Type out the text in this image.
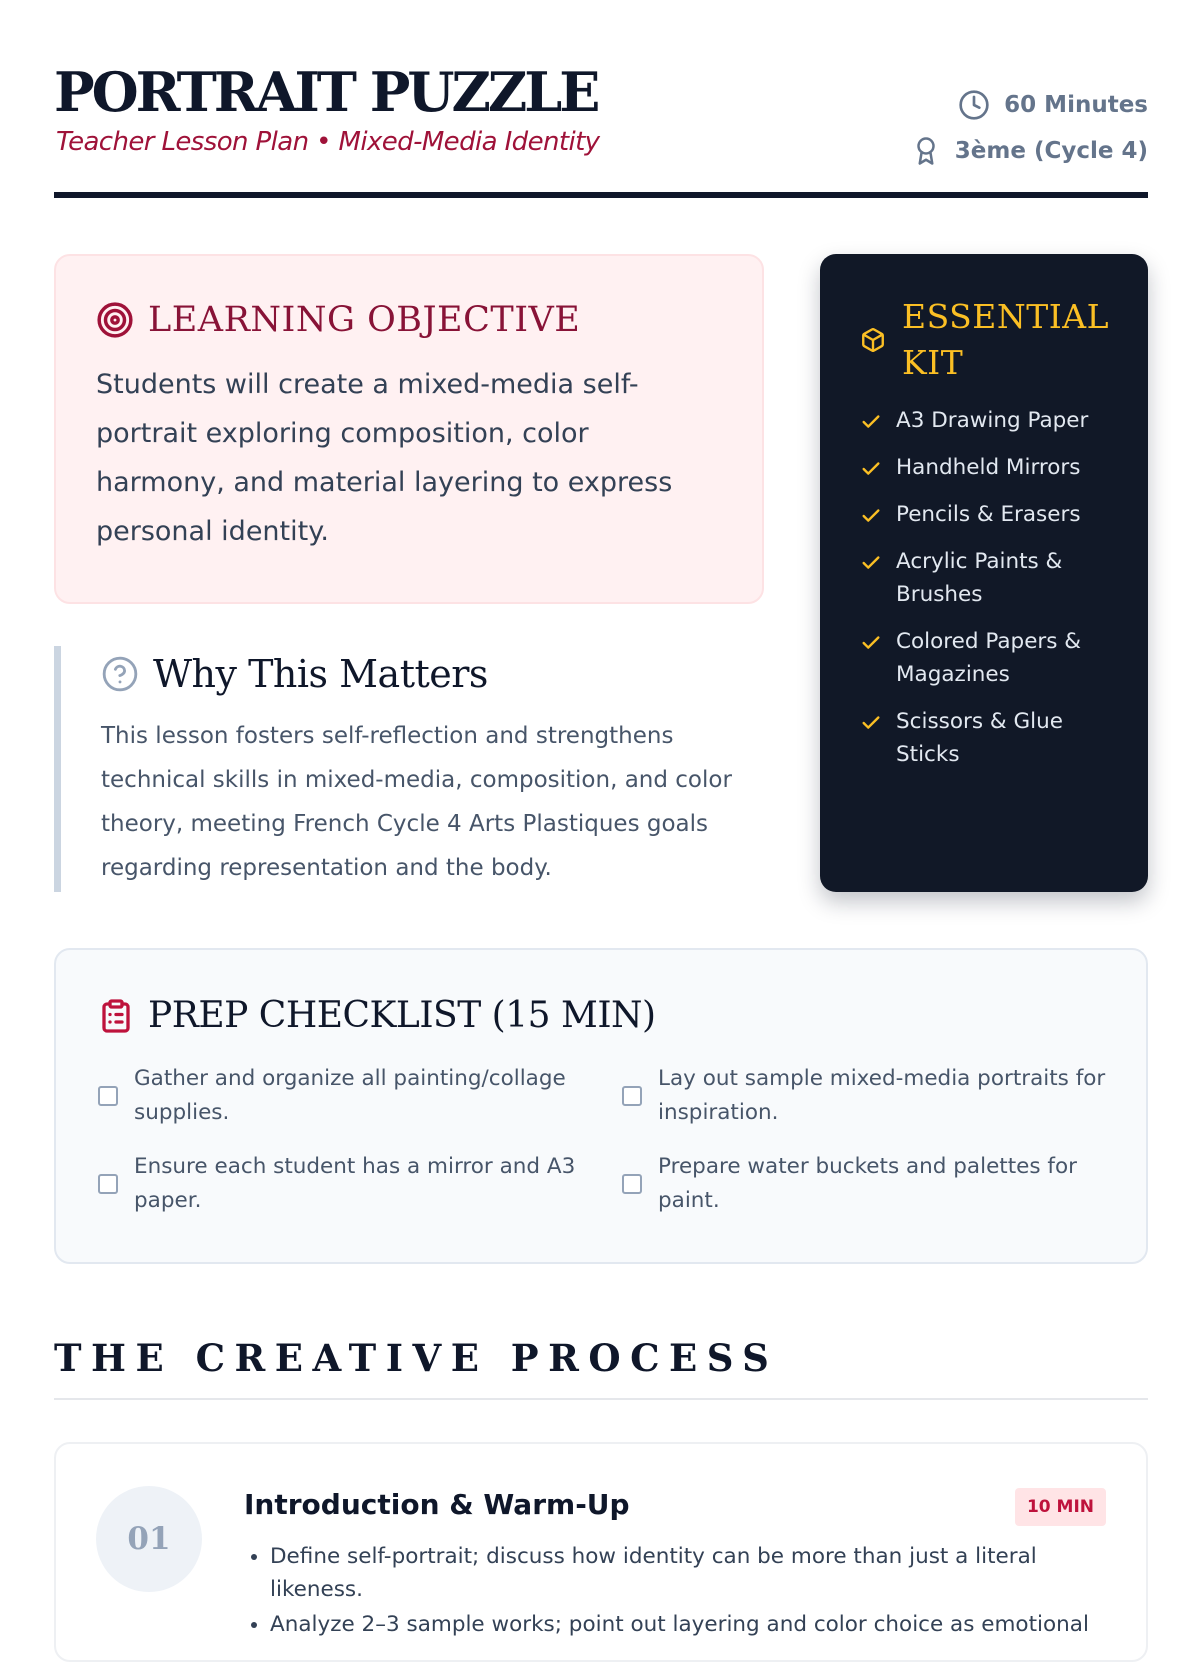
PORTRAIT PUZZLE
Teacher Lesson Plan • Mixed-Media Identity
60 Minutes
3ème (Cycle 4)
LEARNING OBJECTIVE

Students will create a mixed-media self-portrait exploring composition, color harmony, and material layering to express personal identity.

Why This Matters

This lesson fosters self-reflection and strengthens technical skills in mixed-media, composition, and color theory, meeting French Cycle 4 Arts Plastiques goals regarding representation and the body.

ESSENTIAL KIT
A3 Drawing Paper
Handheld Mirrors
Pencils & Erasers
Acrylic Paints & Brushes
Colored Papers & Magazines
Scissors & Glue Sticks
PREP CHECKLIST (15 MIN)
Gather and organize all painting/collage supplies.
Lay out sample mixed-media portraits for inspiration.
Ensure each student has a mirror and A3 paper.
Prepare water buckets and palettes for paint.
THE CREATIVE PROCESS
01
Introduction & Warm-Up	10 MIN
• Define self-portrait; discuss how identity can be more than just a literal likeness.
• Analyze 2–3 sample works; point out layering and color choice as emotional
